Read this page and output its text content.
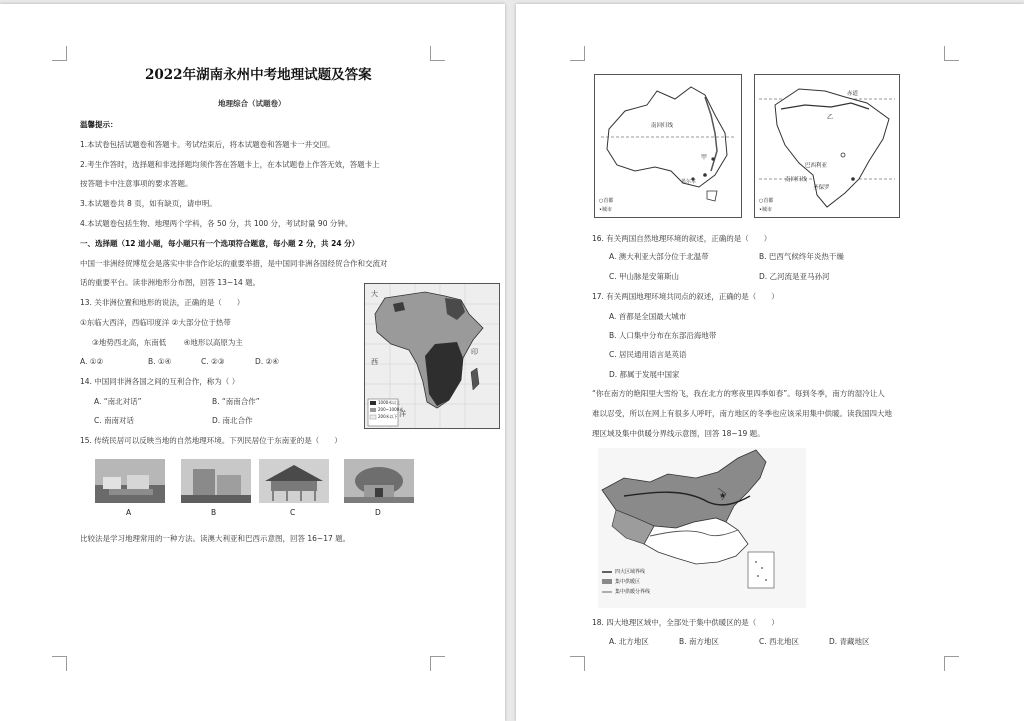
2022年湖南永州中考地理试题及答案
地理综合（试题卷）
温馨提示：
1.本试卷包括试题卷和答题卡。考试结束后，将本试题卷和答题卡一并交回。
2.考生作答时，选择题和非选择题均须作答在答题卡上，在本试题卷上作答无效，答题卡上
按答题卡中注意事项的要求答题。
3.本试题卷共 8 页，如有缺页，请申明。
4.本试题卷包括生物、地理两个学科，各 50 分，共 100 分，考试时量 90 分钟。
一、选择题（12 道小题，每小题只有一个选项符合题意，每小题 2 分，共 24 分）
中国一非洲经贸博览会是落实中非合作论坛的重要举措，是中国同非洲各国经贸合作和交流对
话的重要平台。读非洲地形分布图，回答 13~14 题。
13. 关非洲位置和地形的说法，正确的是（　　）
①东临大西洋，西临印度洋 ②大部分位于热带
③地势西北高，东南低　　 ④地形以高原为主
A. ①②	B. ①④	C. ②③	D. ②④
14. 中国同非洲各国之间的互利合作，称为（ ）
A. “南北对话”	B. “南南合作”
C. 南南对话	D. 南北合作
15. 传统民居可以反映当地的自然地理环境。下列民居位于东南亚的是（　　）
大
西
洋
印
1000米以上
200~1000米
200米以下
A	B	C	D
比较法是学习地理常用的一种方法。读澳大利亚和巴西示意图，回答 16~17 题。
甲
墨尔本
南回归线
○首都
•城市
乙
赤道
巴西利亚
圣保罗
南回归线
○首都
•城市
16. 有关两国自然地理环境的叙述，正确的是（　　）
A. 澳大利亚大部分位于北温带	B. 巴西气候终年炎热干燥
C. 甲山脉是安第斯山	D. 乙河流是亚马孙河
17. 有关两国地理环境共同点的叙述，正确的是（　　）
A. 首都是全国最大城市
B. 人口集中分布在东部沿海地带
C. 居民通用语言是英语
D. 都属于发展中国家
“你在南方的艳阳里大雪纷飞，我在北方的寒夜里四季如春”。每到冬季，南方的湿冷让人
难以忍受，所以在网上有很多人呼吁，南方地区的冬季也应该采用集中供暖。读我国四大地
理区域及集中供暖分界线示意图，回答 18~19 题。
★
四大区域界线
集中供暖区
集中供暖分界线
18. 四大地理区域中，全部处于集中供暖区的是（　　）
A. 北方地区	B. 南方地区	C. 西北地区	D. 青藏地区
